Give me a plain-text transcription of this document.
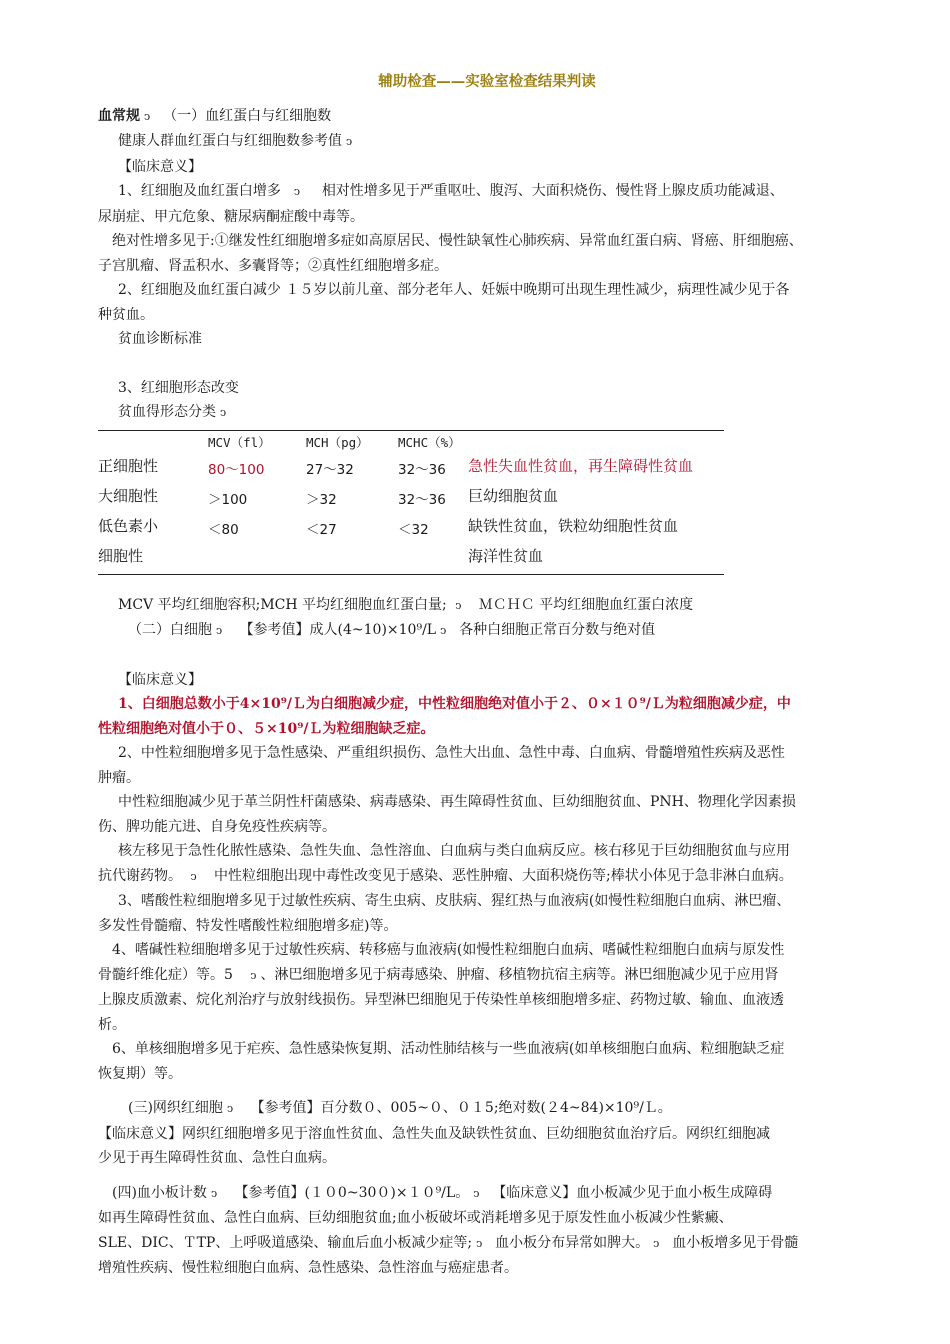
辅助检查——实验室检查结果判读

血常规 ↄ （一）血红蛋白与红细胞数

健康人群血红蛋白与红细胞数参考值 ↄ

【临床意义】

1、红细胞及血红蛋白增多 ↄ 相对性增多见于严重呕吐、腹泻、大面积烧伤、慢性肾上腺皮质功能减退、

尿崩症、甲亢危象、糖尿病酮症酸中毒等。

绝对性增多见于:①继发性红细胞增多症如高原居民、慢性缺氧性心肺疾病、异常血红蛋白病、肾癌、肝细胞癌、

子宫肌瘤、肾盂积水、多囊肾等；②真性红细胞增多症。

2、红细胞及血红蛋白减少 １５岁以前儿童、部分老年人、妊娠中晚期可出现生理性减少，病理性减少见于各

种贫血。

贫血诊断标准

3、红细胞形态改变

贫血得形态分类 ↄ

	MCV（fl）	MCH（pg）	MCHC（%）	
正细胞性	80～100	27～32	32～36	急性失血性贫血，再生障碍性贫血
大细胞性	＞100	＞32	32～36	巨幼细胞贫血
低色素小	＜80	＜27	＜32	缺铁性贫血，铁粒幼细胞性贫血
细胞性				海洋性贫血

MCV 平均红细胞容积;MCH 平均红细胞血红蛋白量; ↄ ＭＣＨＣ 平均红细胞血红蛋白浓度

（二）白细胞 ↄ 【参考值】成人(4~10)×10⁹/L ↄ 各种白细胞正常百分数与绝对值

【临床意义】

1、白细胞总数小于4×10⁹/Ｌ为白细胞减少症，中性粒细胞绝对值小于２、０×１０⁹/Ｌ为粒细胞减少症，中

性粒细胞绝对值小于０、５×10⁹/Ｌ为粒细胞缺乏症。

2、中性粒细胞增多见于急性感染、严重组织损伤、急性大出血、急性中毒、白血病、骨髓增殖性疾病及恶性

肿瘤。

中性粒细胞减少见于革兰阴性杆菌感染、病毒感染、再生障碍性贫血、巨幼细胞贫血、PNH、物理化学因素损

伤、脾功能亢进、自身免疫性疾病等。

核左移见于急性化脓性感染、急性失血、急性溶血、白血病与类白血病反应。核右移见于巨幼细胞贫血与应用

抗代谢药物。 ↄ 中性粒细胞出现中毒性改变见于感染、恶性肿瘤、大面积烧伤等;棒状小体见于急非淋白血病。

3、嗜酸性粒细胞增多见于过敏性疾病、寄生虫病、皮肤病、猩红热与血液病(如慢性粒细胞白血病、淋巴瘤、

多发性骨髓瘤、特发性嗜酸性粒细胞增多症)等。

4、嗜碱性粒细胞增多见于过敏性疾病、转移癌与血液病(如慢性粒细胞白血病、嗜碱性粒细胞白血病与原发性

骨髓纤维化症）等。5 ↄ 、淋巴细胞增多见于病毒感染、肿瘤、移植物抗宿主病等。淋巴细胞减少见于应用肾

上腺皮质激素、烷化剂治疗与放射线损伤。异型淋巴细胞见于传染性单核细胞增多症、药物过敏、输血、血液透

析。

6、单核细胞增多见于疟疾、急性感染恢复期、活动性肺结核与一些血液病(如单核细胞白血病、粒细胞缺乏症

恢复期）等。

(三)网织红细胞 ↄ 【参考值】百分数０、005~０、０１5;绝对数(２4~84)×10⁹/Ｌ。

【临床意义】网织红细胞增多见于溶血性贫血、急性失血及缺铁性贫血、巨幼细胞贫血治疗后。网织红细胞减

少见于再生障碍性贫血、急性白血病。

(四)血小板计数 ↄ 【参考值】(１０0~30０)×１０⁹/L。 ↄ 【临床意义】血小板减少见于血小板生成障碍

如再生障碍性贫血、急性白血病、巨幼细胞贫血;血小板破坏或消耗增多见于原发性血小板减少性紫癜、

SLE、DIC、ＴTP、上呼吸道感染、输血后血小板减少症等; ↄ 血小板分布异常如脾大。 ↄ 血小板增多见于骨髓

增殖性疾病、慢性粒细胞白血病、急性感染、急性溶血与癌症患者。
